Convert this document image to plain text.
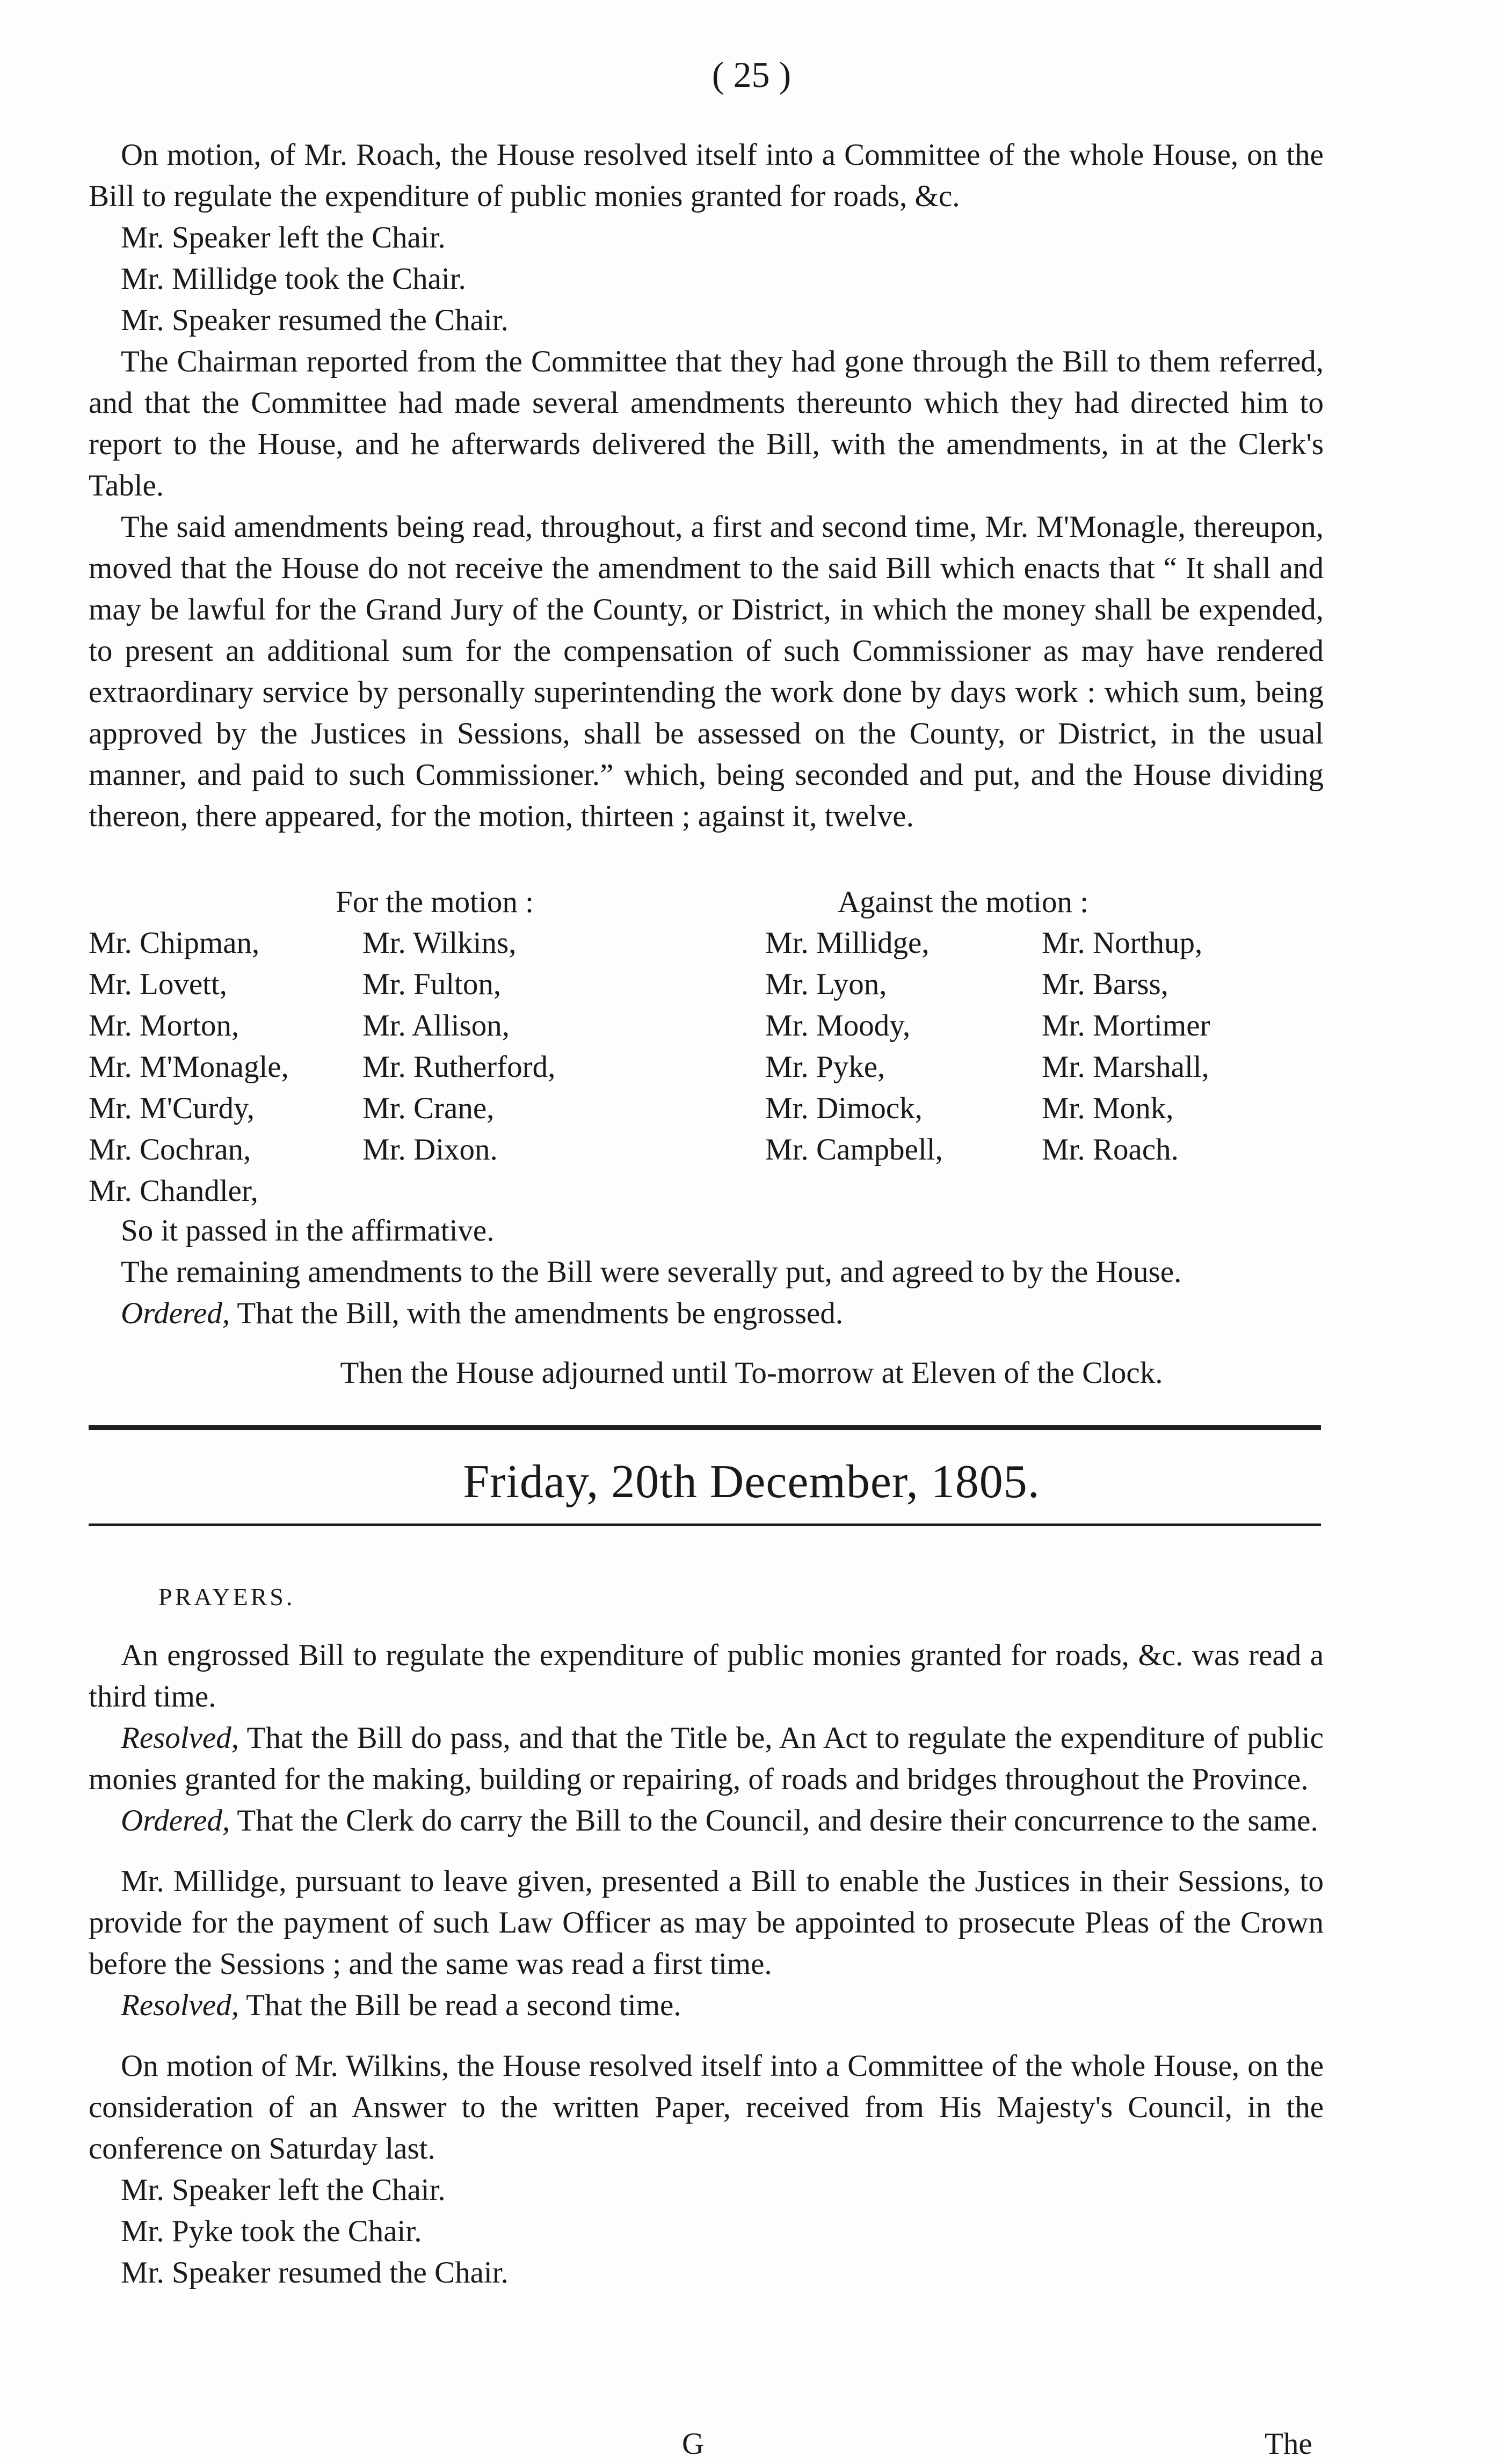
( 25 )

On motion, of Mr. Roach, the House resolved itself into a Committee of the whole House, on the Bill to regulate the expenditure of public monies granted for roads, &c.

Mr. Speaker left the Chair.

Mr. Millidge took the Chair.

Mr. Speaker resumed the Chair.

The Chairman reported from the Committee that they had gone through the Bill to them referred, and that the Committee had made several amendments thereunto which they had directed him to report to the House, and he afterwards delivered the Bill, with the amendments, in at the Clerk's Table.

The said amendments being read, throughout, a first and second time, Mr. M'Monagle, thereupon, moved that the House do not receive the amendment to the said Bill which enacts that “ It shall and may be lawful for the Grand Jury of the County, or District, in which the money shall be expended, to present an additional sum for the compensation of such Commissioner as may have rendered extraordinary service by personally superintending the work done by days work : which sum, being approved by the Justices in Sessions, shall be assessed on the County, or District, in the usual manner, and paid to such Commissioner.” which, being seconded and put, and the House dividing thereon, there appeared, for the motion, thirteen ; against it, twelve.

For the motion :	Against the motion :
Mr. Chipman,
Mr. Lovett,
Mr. Morton,
Mr. M'Monagle,
Mr. M'Curdy,
Mr. Cochran,
Mr. Chandler,
Mr. Wilkins,
Mr. Fulton,
Mr. Allison,
Mr. Rutherford,
Mr. Crane,
Mr. Dixon.
Mr. Millidge,
Mr. Lyon,
Mr. Moody,
Mr. Pyke,
Mr. Dimock,
Mr. Campbell,
Mr. Northup,
Mr. Barss,
Mr. Mortimer
Mr. Marshall,
Mr. Monk,
Mr. Roach.

So it passed in the affirmative.

The remaining amendments to the Bill were severally put, and agreed to by the House.

Ordered, That the Bill, with the amendments be engrossed.

Then the House adjourned until To-morrow at Eleven of the Clock.
Friday, 20th December, 1805.
PRAYERS.

An engrossed Bill to regulate the expenditure of public monies granted for roads, &c. was read a third time.

Resolved, That the Bill do pass, and that the Title be, An Act to regulate the expenditure of public monies granted for the making, building or repairing, of roads and bridges throughout the Province.

Ordered, That the Clerk do carry the Bill to the Council, and desire their concurrence to the same.

Mr. Millidge, pursuant to leave given, presented a Bill to enable the Justices in their Sessions, to provide for the payment of such Law Officer as may be appointed to prosecute Pleas of the Crown before the Sessions ; and the same was read a first time.

Resolved, That the Bill be read a second time.

On motion of Mr. Wilkins, the House resolved itself into a Committee of the whole House, on the consideration of an Answer to the written Paper, received from His Majesty's Council, in the conference on Saturday last.

Mr. Speaker left the Chair.

Mr. Pyke took the Chair.

Mr. Speaker resumed the Chair.

G	The
